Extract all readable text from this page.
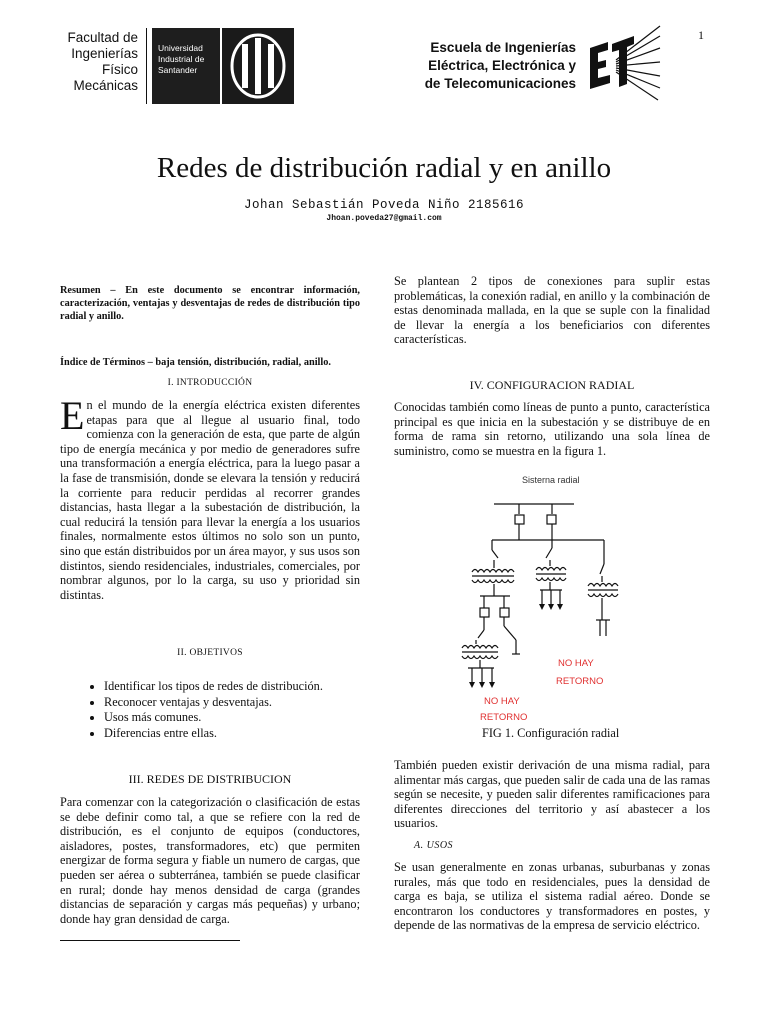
Facultad de
Ingenierías
Físico
Mecánicas
Universidad
Industrial de
Santander
Escuela de Ingenierías
Eléctrica, Electrónica y
de Telecomunicaciones
1
Redes de distribución radial y en anillo
Johan Sebastián Poveda Niño 2185616
Jhoan.poveda27@gmail.com

Resumen – En este documento se encontrar información, caracterización, ventajas y desventajas de redes de distribución tipo radial y anillo.

Índice de Términos – baja tensión, distribución, radial, anillo.

I. INTRODUCCIÓN

En el mundo de la energía eléctrica existen diferentes etapas para que al llegue al usuario final, todo comienza con la generación de esta, que parte de algún tipo de energía mecánica y por medio de generadores sufre una transformación a energía eléctrica, para la luego pasar a la fase de transmisión, donde se elevara la tensión y reducirá la corriente para reducir perdidas al recorrer grandes distancias, hasta llegar a la subestación de distribución, la cual reducirá la tensión para llevar la energía a los usuarios finales, normalmente estos últimos no solo son un punto, sino que están distribuidos por un área mayor, y sus usos son distintos, siendo residenciales, industriales, comerciales, por nombrar algunos, por lo la carga, su uso y prioridad sin distintas.

II. OBJETIVOS
• Identificar los tipos de redes de distribución.
• Reconocer ventajas y desventajas.
• Usos más comunes.
• Diferencias entre ellas.
III. REDES DE DISTRIBUCION

Para comenzar con la categorización o clasificación de estas se debe definir como tal, a que se refiere con la red de distribución, es el conjunto de equipos (conductores, aisladores, postes, transformadores, etc) que permiten energizar de forma segura y fiable un numero de cargas, que pueden ser aérea o subterránea, también se puede clasificar en rural; donde hay menos densidad de carga (grandes distancias de separación y cargas más pequeñas) y urbano; donde hay gran densidad de carga.

Se plantean 2 tipos de conexiones para suplir estas problemáticas, la conexión radial, en anillo y la combinación de estas denominada mallada, en la que se suple con la finalidad de llevar la energía a los beneficiarios con diferentes características.

IV. CONFIGURACION RADIAL

Conocidas también como líneas de punto a punto, característica principal es que inicia en la subestación y se distribuye de en forma de rama sin retorno, utilizando una sola línea de suministro, como se muestra en la figura 1.

Sisterna radial
NO HAY
RETORNO
NO HAY
RETORNO
FIG 1. Configuración radial

También pueden existir derivación de una misma radial, para alimentar más cargas, que pueden salir de cada una de las ramas según se necesite, y pueden salir diferentes ramificaciones para diferentes direcciones del territorio y así abastecer a los usuarios.

A. USOS

Se usan generalmente en zonas urbanas, suburbanas y zonas rurales, más que todo en residenciales, pues la densidad de carga es baja, se utiliza el sistema radial aéreo. Donde se encontraron los conductores y transformadores en postes, y depende de las normativas de la empresa de servicio eléctrico.
